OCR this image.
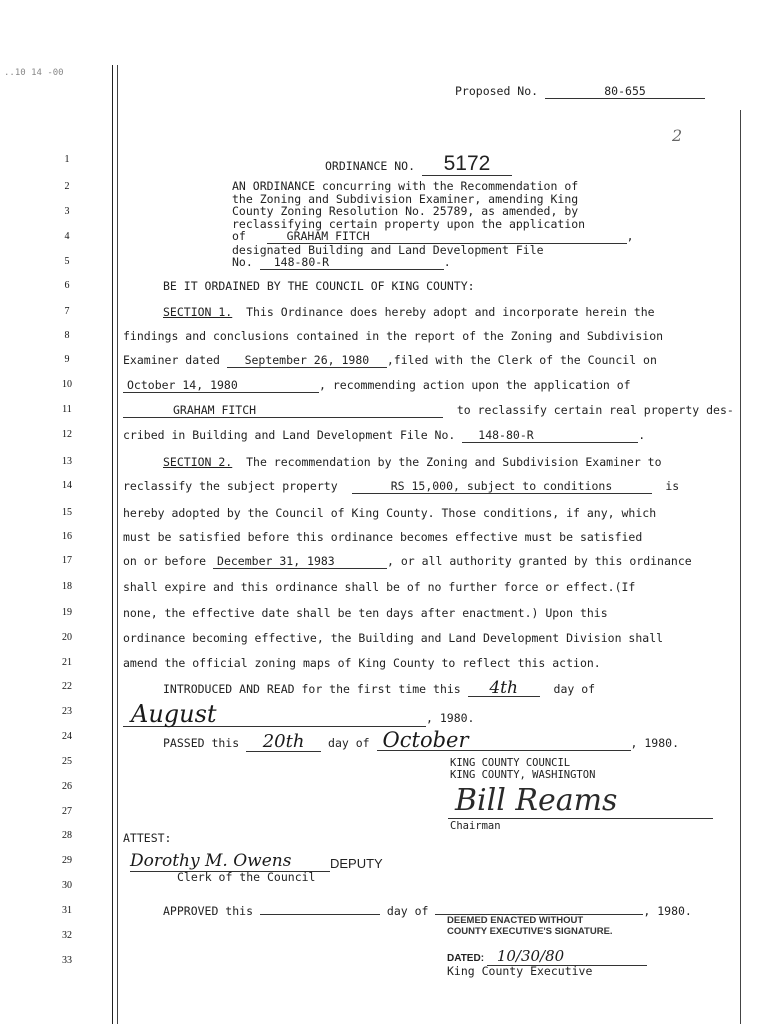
..10 14 -00
1
2
3
4
5
6
7
8
9
10
11
12
13
14
15
16
17
18
19
20
21
22
23
24
25
26
27
28
29
30
31
32
33
Proposed No.	80-655
2
ORDINANCE NO. 5172
AN ORDINANCE concurring with the Recommendation of
the Zoning and Subdivision Examiner, amending King
County Zoning Resolution No. 25789, as amended, by
reclassifying certain property upon the application
of	GRAHAM FITCH	,
designated Building and Land Development File
No. 148-80-R	.
BE IT ORDAINED BY THE COUNCIL OF KING COUNTY:
SECTION 1. This Ordinance does hereby adopt and incorporate herein the
findings and conclusions contained in the report of the Zoning and Subdivision
Examiner dated September 26, 1980 ,filed with the Clerk of the Council on
October 14, 1980	, recommending action upon the application of
GRAHAM FITCH	to reclassify certain real property des-
cribed in Building and Land Development File No. 148-80-R	.
SECTION 2. The recommendation by the Zoning and Subdivision Examiner to
reclassify the subject property	RS 15,000, subject to conditions	is
hereby adopted by the Council of King County. Those conditions, if any, which
must be satisfied before this ordinance becomes effective must be satisfied
on or before December 31, 1983	, or all authority granted by this ordinance
shall expire and this ordinance shall be of no further force or effect.(If
none, the effective date shall be ten days after enactment.) Upon this
ordinance becoming effective, the Building and Land Development Division shall
amend the official zoning maps of King County to reflect this action.
INTRODUCED AND READ for the first time this 4th	day of
August	, 1980.
PASSED this 20th day of October	, 1980.
KING COUNTY COUNCIL
KING COUNTY, WASHINGTON
Bill Reams
Chairman
ATTEST:
Dorothy M. Owens	DEPUTY
Clerk of the Council
APPROVED this	day of	, 1980.
DEEMED ENACTED WITHOUT
COUNTY EXECUTIVE'S SIGNATURE.
DATED: 10/30/80
King County Executive
